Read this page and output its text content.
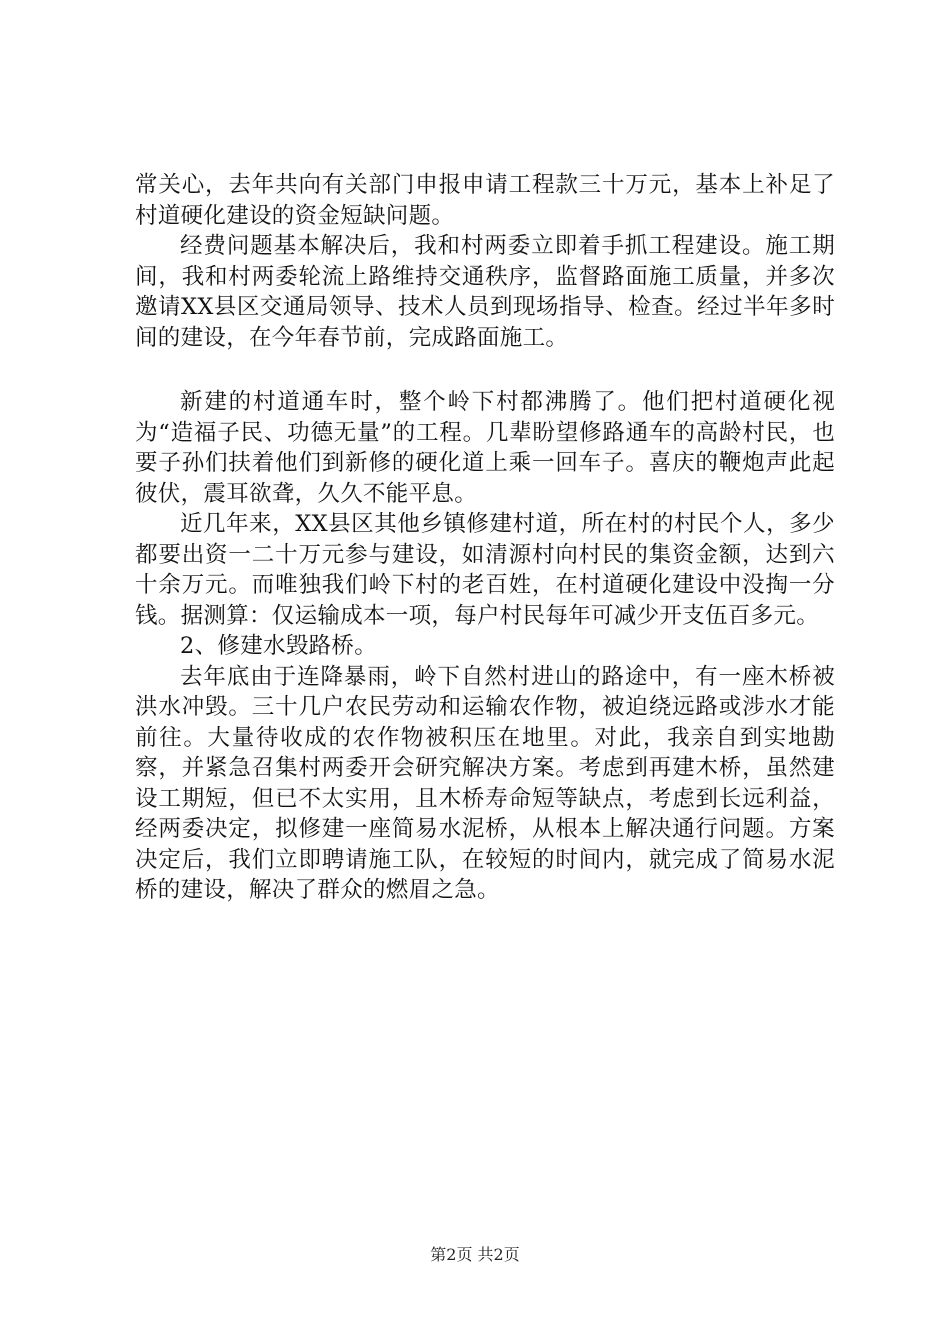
常关心，去年共向有关部门申报申请工程款三十万元，基本上补足了村道硬化建设的资金短缺问题。

经费问题基本解决后，我和村两委立即着手抓工程建设。施工期间，我和村两委轮流上路维持交通秩序，监督路面施工质量，并多次邀请XX县区交通局领导、技术人员到现场指导、检查。经过半年多时间的建设，在今年春节前，完成路面施工。

新建的村道通车时，整个岭下村都沸腾了。他们把村道硬化视为“造福子民、功德无量”的工程。几辈盼望修路通车的高龄村民，也要子孙们扶着他们到新修的硬化道上乘一回车子。喜庆的鞭炮声此起彼伏，震耳欲聋，久久不能平息。

近几年来，XX县区其他乡镇修建村道，所在村的村民个人，多少都要出资一二十万元参与建设，如清源村向村民的集资金额，达到六十余万元。而唯独我们岭下村的老百姓，在村道硬化建设中没掏一分钱。据测算：仅运输成本一项，每户村民每年可减少开支伍百多元。

2、修建水毁路桥。

去年底由于连降暴雨，岭下自然村进山的路途中，有一座木桥被洪水冲毁。三十几户农民劳动和运输农作物，被迫绕远路或涉水才能前往。大量待收成的农作物被积压在地里。对此，我亲自到实地勘察，并紧急召集村两委开会研究解决方案。考虑到再建木桥，虽然建设工期短，但已不太实用，且木桥寿命短等缺点，考虑到长远利益，经两委决定，拟修建一座简易水泥桥，从根本上解决通行问题。方案决定后，我们立即聘请施工队，在较短的时间内，就完成了简易水泥桥的建设，解决了群众的燃眉之急。

第2页 共2页
